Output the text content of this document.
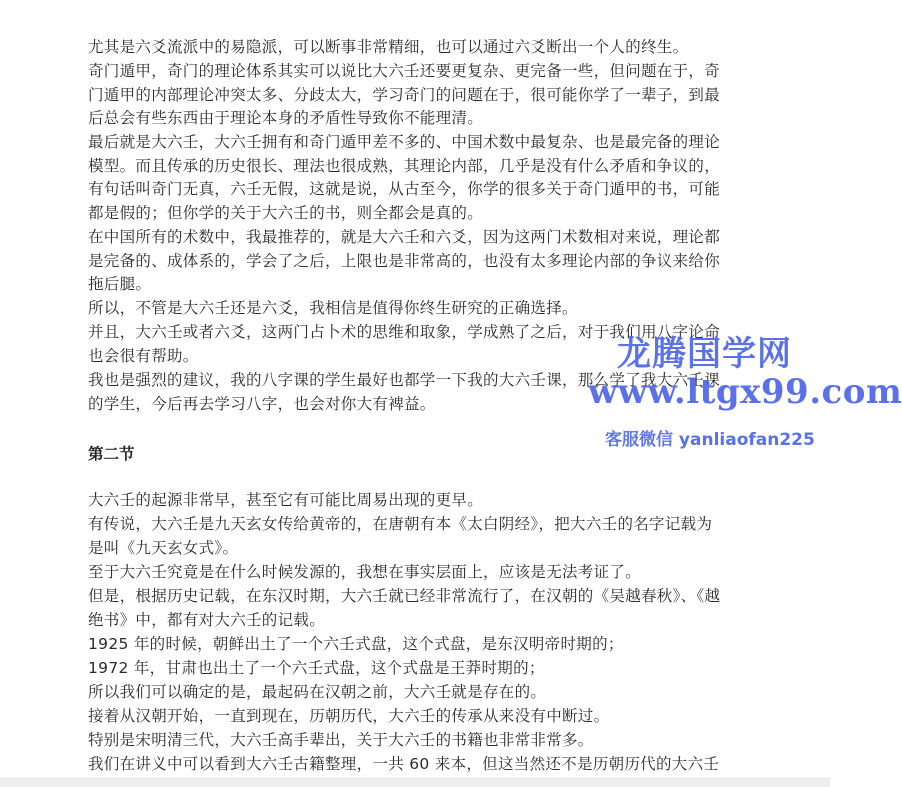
尤其是六爻流派中的易隐派，可以断事非常精细，也可以通过六爻断出一个人的终生。
奇门遁甲，奇门的理论体系其实可以说比大六壬还要更复杂、更完备一些，但问题在于，奇
门遁甲的内部理论冲突太多、分歧太大，学习奇门的问题在于，很可能你学了一辈子，到最
后总会有些东西由于理论本身的矛盾性导致你不能理清。
最后就是大六壬，大六壬拥有和奇门遁甲差不多的、中国术数中最复杂、也是最完备的理论
模型。而且传承的历史很长、理法也很成熟，其理论内部，几乎是没有什么矛盾和争议的，
有句话叫奇门无真，六壬无假，这就是说，从古至今，你学的很多关于奇门遁甲的书，可能
都是假的；但你学的关于大六壬的书，则全都会是真的。
在中国所有的术数中，我最推荐的，就是大六壬和六爻，因为这两门术数相对来说，理论都
是完备的、成体系的，学会了之后，上限也是非常高的，也没有太多理论内部的争议来给你
拖后腿。
所以，不管是大六壬还是六爻，我相信是值得你终生研究的正确选择。
并且，大六壬或者六爻，这两门占卜术的思维和取象，学成熟了之后，对于我们用八字论命
也会很有帮助。
我也是强烈的建议，我的八字课的学生最好也都学一下我的大六壬课，那么学了我大六壬课
的学生，今后再去学习八字，也会对你大有裨益。
第二节
大六壬的起源非常早，甚至它有可能比周易出现的更早。
有传说，大六壬是九天玄女传给黄帝的，在唐朝有本《太白阴经》，把大六壬的名字记载为
是叫《九天玄女式》。
至于大六壬究竟是在什么时候发源的，我想在事实层面上，应该是无法考证了。
但是，根据历史记载，在东汉时期，大六壬就已经非常流行了，在汉朝的《吴越春秋》、《越
绝书》中，都有对大六壬的记载。
1925 年的时候，朝鲜出土了一个六壬式盘，这个式盘，是东汉明帝时期的；
1972 年，甘肃也出土了一个六壬式盘，这个式盘是王莽时期的；
所以我们可以确定的是，最起码在汉朝之前，大六壬就是存在的。
接着从汉朝开始，一直到现在，历朝历代，大六壬的传承从来没有中断过。
特别是宋明清三代，大六壬高手辈出，关于大六壬的书籍也非常非常多。
我们在讲义中可以看到大六壬古籍整理，一共 60 来本，但这当然还不是历朝历代的大六壬
龙腾国学网
www.ltgx99.com
客服微信 yanliaofan225
